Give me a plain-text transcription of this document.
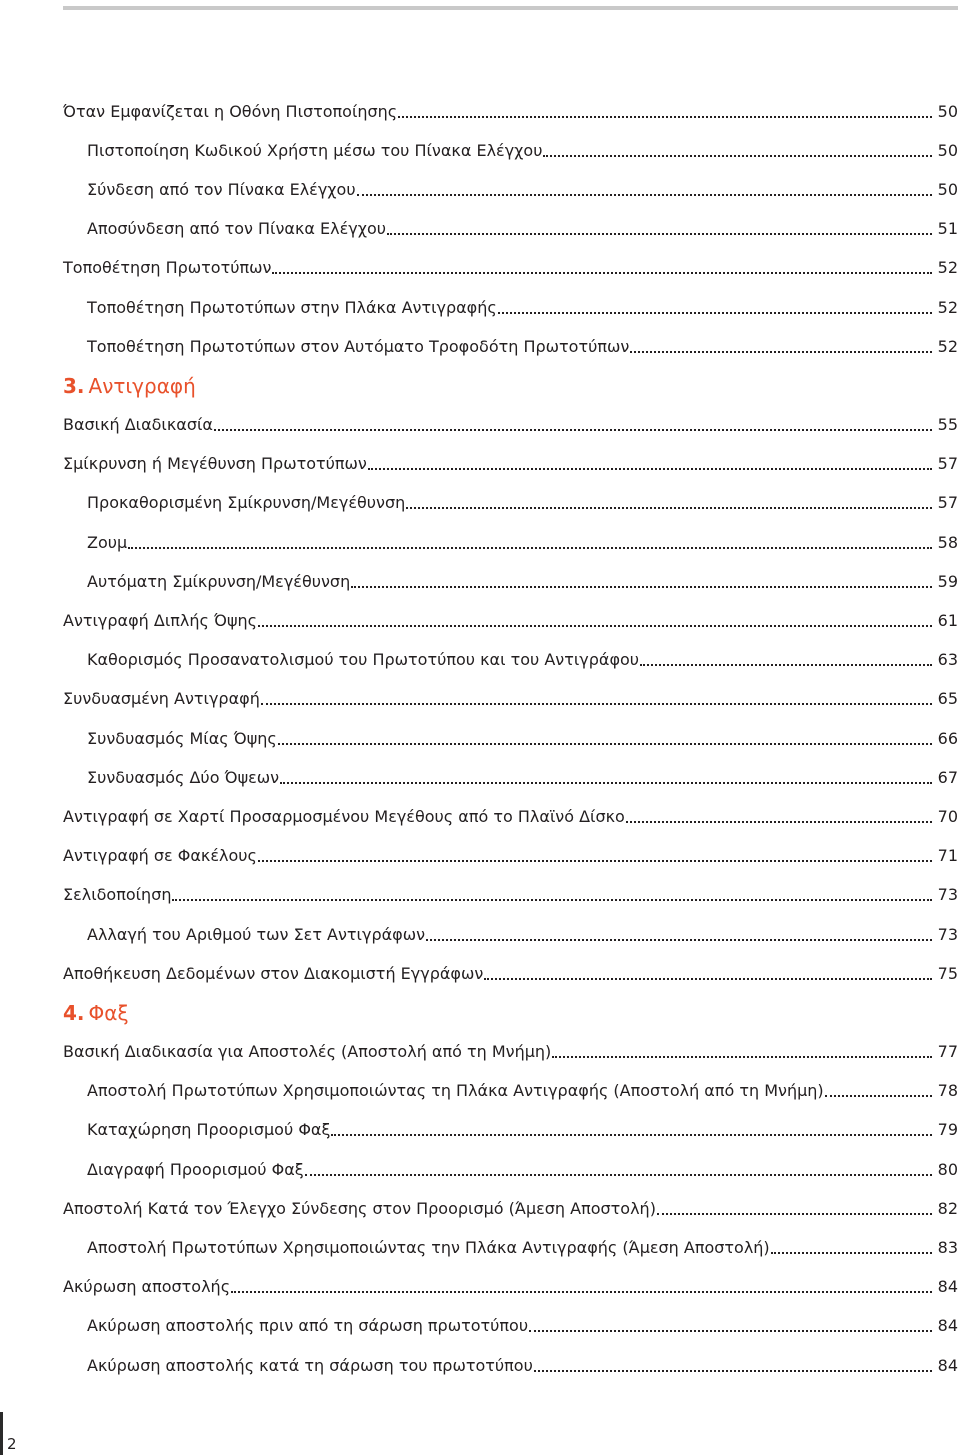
Όταν Εμφανίζεται η Οθόνη Πιστοποίησης	50
Πιστοποίηση Κωδικού Χρήστη μέσω του Πίνακα Ελέγχου	50
Σύνδεση από τον Πίνακα Ελέγχου	50
Αποσύνδεση από τον Πίνακα Ελέγχου	51
Τοποθέτηση Πρωτοτύπων	52
Τοποθέτηση Πρωτοτύπων στην Πλάκα Αντιγραφής	52
Τοποθέτηση Πρωτοτύπων στον Αυτόματο Τροφοδότη Πρωτοτύπων	52
3. Αντιγραφή
Βασική Διαδικασία	55
Σμίκρυνση ή Μεγέθυνση Πρωτοτύπων	57
Προκαθορισμένη Σμίκρυνση/Μεγέθυνση	57
Ζουμ	58
Αυτόματη Σμίκρυνση/Μεγέθυνση	59
Αντιγραφή Διπλής Όψης	61
Καθορισμός Προσανατολισμού του Πρωτοτύπου και του Αντιγράφου	63
Συνδυασμένη Αντιγραφή	65
Συνδυασμός Μίας Όψης	66
Συνδυασμός Δύο Όψεων	67
Αντιγραφή σε Χαρτί Προσαρμοσμένου Μεγέθους από το Πλαϊνό Δίσκο	70
Αντιγραφή σε Φακέλους	71
Σελιδοποίηση	73
Αλλαγή του Αριθμού των Σετ Αντιγράφων	73
Αποθήκευση Δεδομένων στον Διακομιστή Εγγράφων	75
4. Φαξ
Βασική Διαδικασία για Αποστολές (Αποστολή από τη Μνήμη)	77
Αποστολή Πρωτοτύπων Χρησιμοποιώντας τη Πλάκα Αντιγραφής (Αποστολή από τη Μνήμη)	78
Καταχώρηση Προορισμού Φαξ	79
Διαγραφή Προορισμού Φαξ	80
Αποστολή Κατά τον Έλεγχο Σύνδεσης στον Προορισμό (Άμεση Αποστολή)	82
Αποστολή Πρωτοτύπων Χρησιμοποιώντας την Πλάκα Αντιγραφής (Άμεση Αποστολή)	83
Ακύρωση αποστολής	84
Ακύρωση αποστολής πριν από τη σάρωση πρωτοτύπου	84
Ακύρωση αποστολής κατά τη σάρωση του πρωτοτύπου	84
2
